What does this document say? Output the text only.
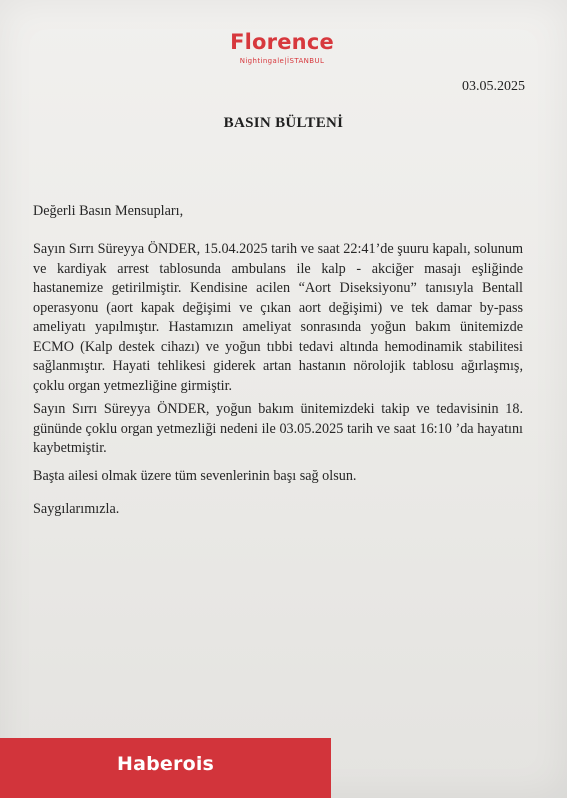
Florence
Nightingale|İSTANBUL
03.05.2025
BASIN BÜLTENİ

Değerli Basın Mensupları,

Sayın Sırrı Süreyya ÖNDER, 15.04.2025 tarih ve saat 22:41’de şuuru kapalı, solunum ve kardiyak arrest tablosunda ambulans ile kalp - akciğer masajı eşliğinde hastanemize getirilmiştir. Kendisine acilen “Aort Diseksiyonu” tanısıyla Bentall operasyonu (aort kapak değişimi ve çıkan aort değişimi) ve tek damar by-pass ameliyatı yapılmıştır. Hastamızın ameliyat sonrasında yoğun bakım ünitemizde ECMO (Kalp destek cihazı) ve yoğun tıbbi tedavi altında hemodinamik stabilitesi sağlanmıştır. Hayati tehlikesi giderek artan hastanın nörolojik tablosu ağırlaşmış, çoklu organ yetmezliğine girmiştir.

Sayın Sırrı Süreyya ÖNDER, yoğun bakım ünitemizdeki takip ve tedavisinin 18. gününde çoklu organ yetmezliği nedeni ile 03.05.2025 tarih ve saat 16:10 ’da hayatını kaybetmiştir.

Başta ailesi olmak üzere tüm sevenlerinin başı sağ olsun.

Saygılarımızla.

Haberois
